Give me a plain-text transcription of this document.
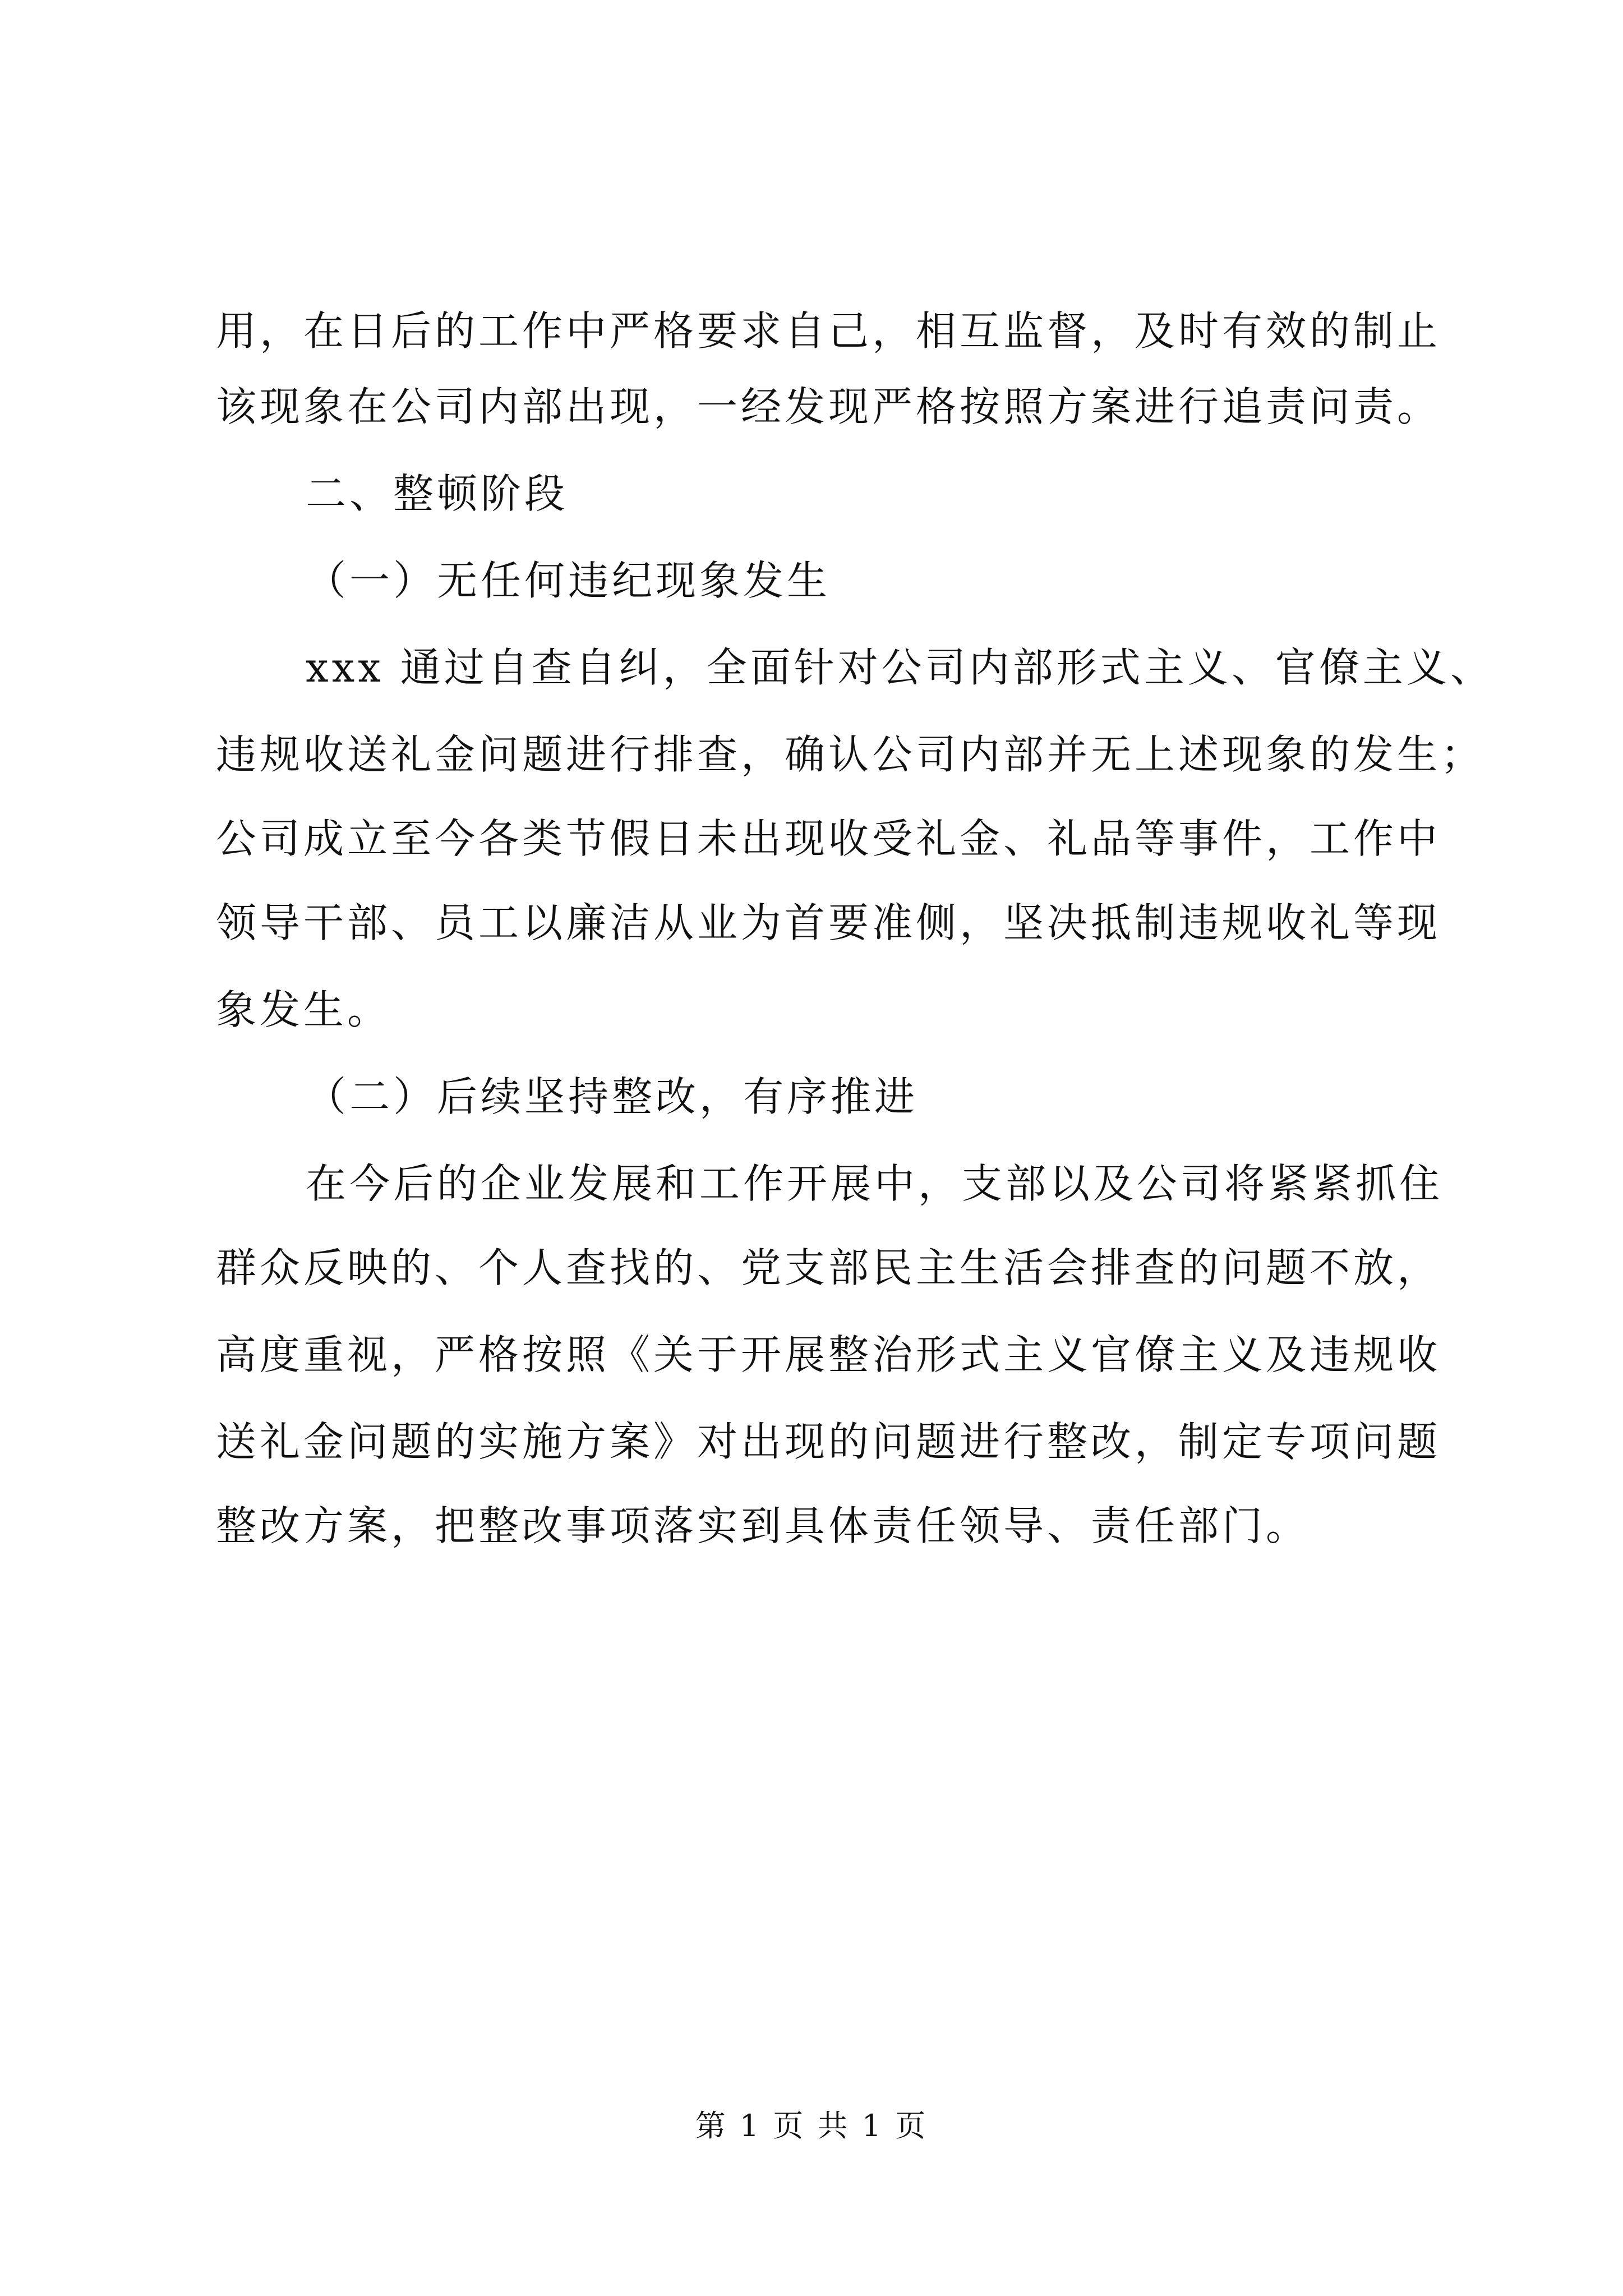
用，在日后的工作中严格要求自己，相互监督，及时有效的制止
该现象在公司内部出现，一经发现严格按照方案进行追责问责。
二、整顿阶段
（一）无任何违纪现象发生
xxx 通过自查自纠，全面针对公司内部形式主义、官僚主义、
违规收送礼金问题进行排查，确认公司内部并无上述现象的发生；
公司成立至今各类节假日未出现收受礼金、礼品等事件，工作中
领导干部、员工以廉洁从业为首要准侧，坚决抵制违规收礼等现
象发生。
（二）后续坚持整改，有序推进
在今后的企业发展和工作开展中，支部以及公司将紧紧抓住
群众反映的、个人查找的、党支部民主生活会排查的问题不放，
高度重视，严格按照《关于开展整治形式主义官僚主义及违规收
送礼金问题的实施方案》对出现的问题进行整改，制定专项问题
整改方案，把整改事项落实到具体责任领导、责任部门。
第 1 页 共 1 页
